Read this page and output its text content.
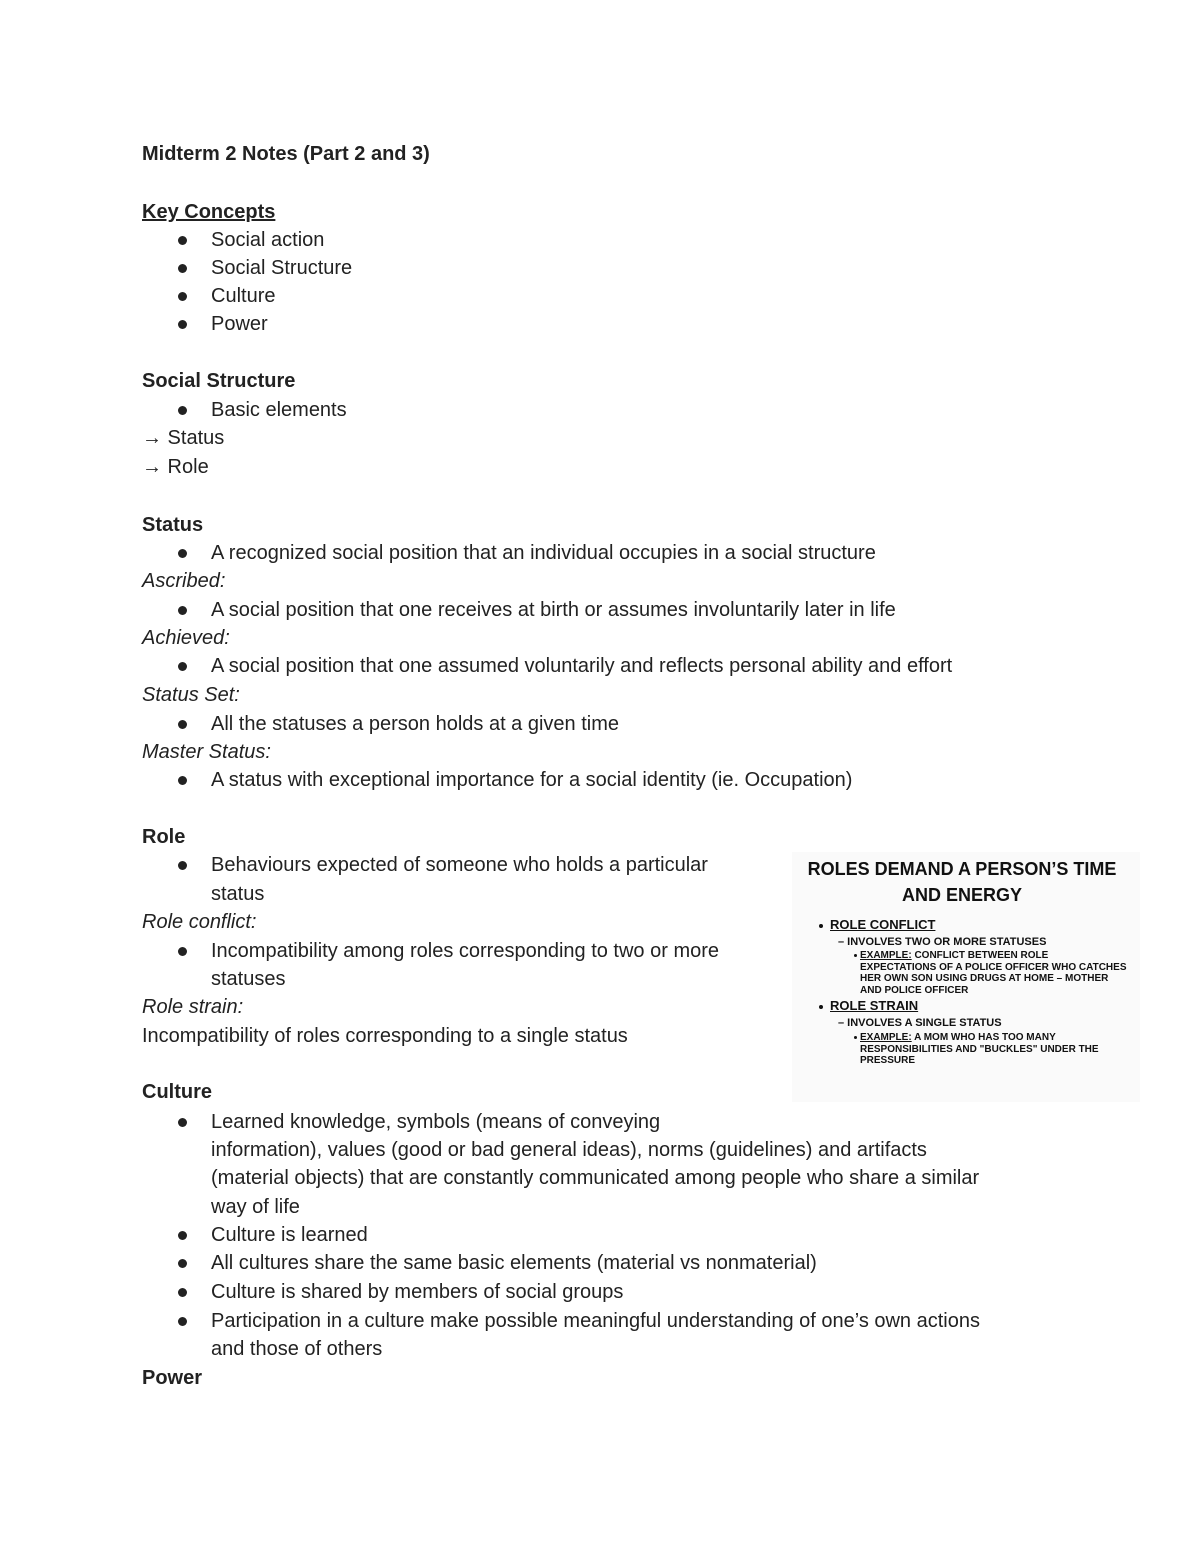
Midterm 2 Notes (Part 2 and 3)
Key Concepts
Social action
Social Structure
Culture
Power
Social Structure
Basic elements
→ Status
→ Role
Status
A recognized social position that an individual occupies in a social structure
Ascribed:
A social position that one receives at birth or assumes involuntarily later in life
Achieved:
A social position that one assumed voluntarily and reflects personal ability and effort
Status Set:
All the statuses a person holds at a given time
Master Status:
A status with exceptional importance for a social identity (ie. Occupation)
Role
Behaviours expected of someone who holds a particular
status
Role conflict:
Incompatibility among roles corresponding to two or more
statuses
Role strain:
Incompatibility of roles corresponding to a single status
ROLES DEMAND A PERSON’S TIME
AND ENERGY
ROLE CONFLICT
– INVOLVES TWO OR MORE STATUSES
EXAMPLE: CONFLICT BETWEEN ROLE
EXPECTATIONS OF A POLICE OFFICER WHO CATCHES
HER OWN SON USING DRUGS AT HOME – MOTHER
AND POLICE OFFICER
ROLE STRAIN
– INVOLVES A SINGLE STATUS
EXAMPLE: A MOM WHO HAS TOO MANY
RESPONSIBILITIES AND "BUCKLES" UNDER THE
PRESSURE
Culture
Learned knowledge, symbols (means of conveying
information), values (good or bad general ideas), norms (guidelines) and artifacts
(material objects) that are constantly communicated among people who share a similar
way of life
Culture is learned
All cultures share the same basic elements (material vs nonmaterial)
Culture is shared by members of social groups
Participation in a culture make possible meaningful understanding of one’s own actions
and those of others
Power
